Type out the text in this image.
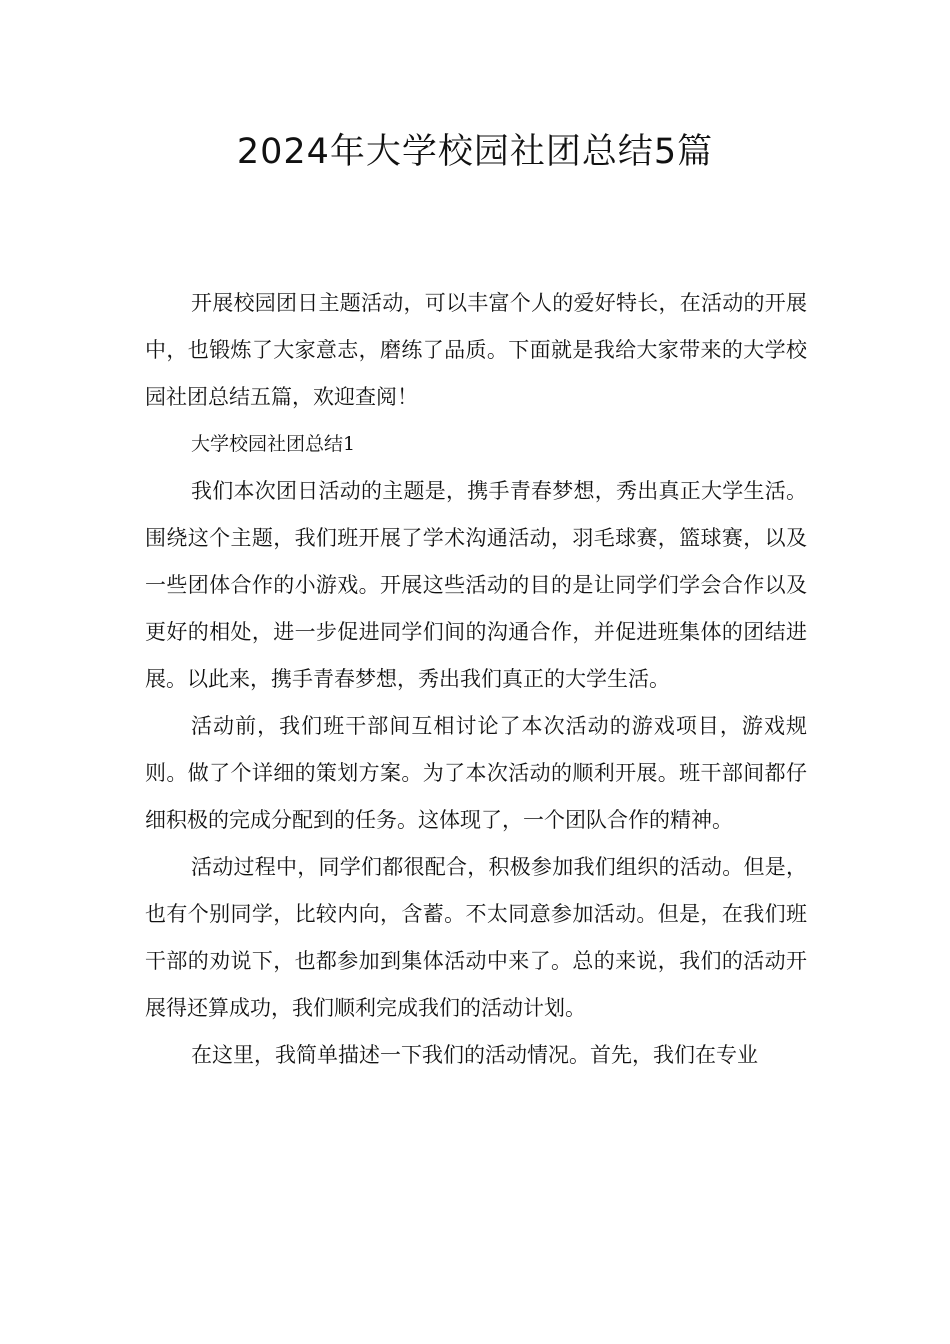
2024年大学校园社团总结5篇

开展校园团日主题活动，可以丰富个人的爱好特长，在活动的开展中，也锻炼了大家意志，磨练了品质。下面就是我给大家带来的大学校园社团总结五篇，欢迎查阅！

大学校园社团总结1

我们本次团日活动的主题是，携手青春梦想，秀出真正大学生活。围绕这个主题，我们班开展了学术沟通活动，羽毛球赛，篮球赛，以及一些团体合作的小游戏。开展这些活动的目的是让同学们学会合作以及更好的相处，进一步促进同学们间的沟通合作，并促进班集体的团结进展。以此来，携手青春梦想，秀出我们真正的大学生活。

活动前，我们班干部间互相讨论了本次活动的游戏项目，游戏规则。做了个详细的策划方案。为了本次活动的顺利开展。班干部间都仔细积极的完成分配到的任务。这体现了，一个团队合作的精神。

活动过程中，同学们都很配合，积极参加我们组织的活动。但是，也有个别同学，比较内向，含蓄。不太同意参加活动。但是，在我们班干部的劝说下，也都参加到集体活动中来了。总的来说，我们的活动开展得还算成功，我们顺利完成我们的活动计划。

在这里，我简单描述一下我们的活动情况。首先，我们在专业
